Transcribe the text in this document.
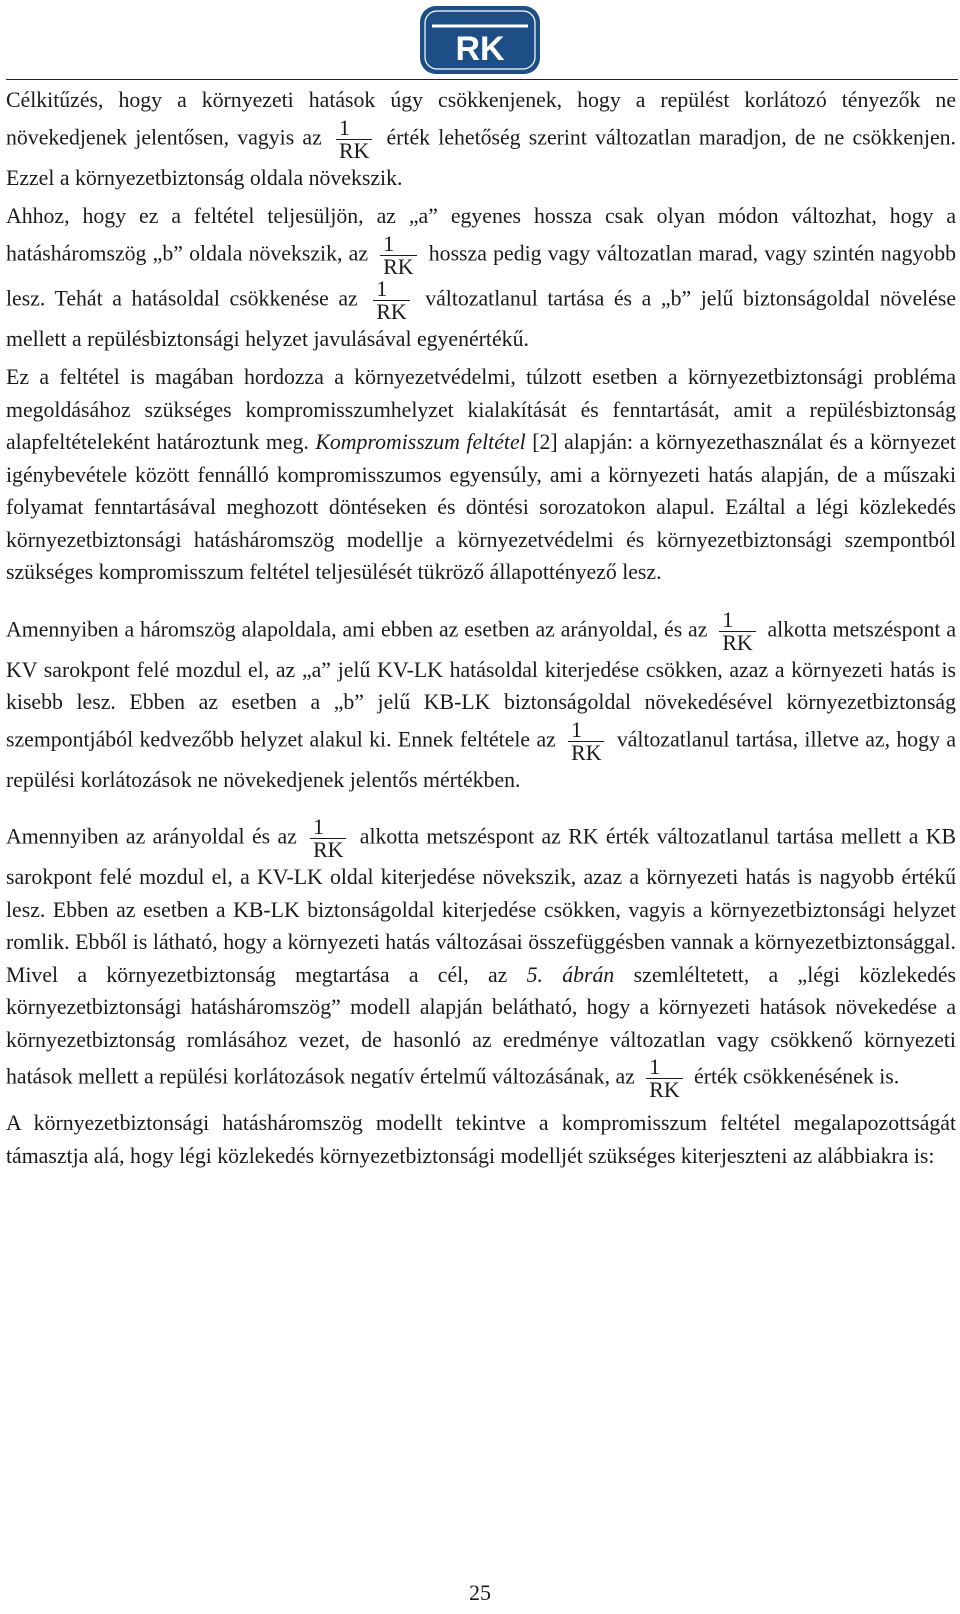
RK

Célkitűzés, hogy a környezeti hatások úgy csökkenjenek, hogy a repülést korlátozó tényezők ne növekedjenek jelentősen, vagyis az $\frac{1}{RK}$ érték lehetőség szerint változatlan maradjon, de ne csökkenjen. Ezzel a környezetbiztonság oldala növekszik.

Ahhoz, hogy ez a feltétel teljesüljön, az „a” egyenes hossza csak olyan módon változhat, hogy a hatásháromszög „b” oldala növekszik, az $\frac{1}{RK}$ hossza pedig vagy változatlan marad, vagy szintén nagyobb lesz. Tehát a hatásoldal csökkenése az $\frac{1}{RK}$ változatlanul tartása és a „b” jelű biztonságoldal növelése mellett a repülésbiztonsági helyzet javulásával egyenértékű.

Ez a feltétel is magában hordozza a környezetvédelmi, túlzott esetben a környezetbiztonsági probléma megoldásához szükséges kompromisszumhelyzet kialakítását és fenntartását, amit a repülésbiztonság alapfeltételeként határoztunk meg. Kompromisszum feltétel [2] alapján: a környezethasználat és a környezet igénybevétele között fennálló kompromisszumos egyensúly, ami a környezeti hatás alapján, de a műszaki folyamat fenntartásával meghozott döntéseken és döntési sorozatokon alapul. Ezáltal a légi közlekedés környezetbiztonsági hatásháromszög modellje a környezetvédelmi és környezetbiztonsági szempontból szükséges kompromisszum feltétel teljesülését tükröző állapottényező lesz.

Amennyiben a háromszög alapoldala, ami ebben az esetben az arányoldal, és az $\frac{1}{RK}$ alkotta metszéspont a KV sarokpont felé mozdul el, az „a” jelű KV-LK hatásoldal kiterjedése csökken, azaz a környezeti hatás is kisebb lesz. Ebben az esetben a „b” jelű KB-LK biztonságoldal növekedésével környezetbiztonság szempontjából kedvezőbb helyzet alakul ki. Ennek feltétele az $\frac{1}{RK}$ változatlanul tartása, illetve az, hogy a repülési korlátozások ne növekedjenek jelentős mértékben.

Amennyiben az arányoldal és az $\frac{1}{RK}$ alkotta metszéspont az RK érték változatlanul tartása mellett a KB sarokpont felé mozdul el, a KV-LK oldal kiterjedése növekszik, azaz a környezeti hatás is nagyobb értékű lesz. Ebben az esetben a KB-LK biztonságoldal kiterjedése csökken, vagyis a környezetbiztonsági helyzet romlik. Ebből is látható, hogy a környezeti hatás változásai összefüggésben vannak a környezetbiztonsággal. Mivel a környezetbiztonság megtartása a cél, az 5. ábrán szemléltetett, a „légi közlekedés környezetbiztonsági hatásháromszög” modell alapján belátható, hogy a környezeti hatások növekedése a környezetbiztonság romlásához vezet, de hasonló az eredménye változatlan vagy csökkenő környezeti hatások mellett a repülési korlátozások negatív értelmű változásának, az $\frac{1}{RK}$ érték csökkenésének is.

A környezetbiztonsági hatásháromszög modellt tekintve a kompromisszum feltétel megalapozottságát támasztja alá, hogy légi közlekedés környezetbiztonsági modelljét szükséges kiterjeszteni az alábbiakra is:

25
